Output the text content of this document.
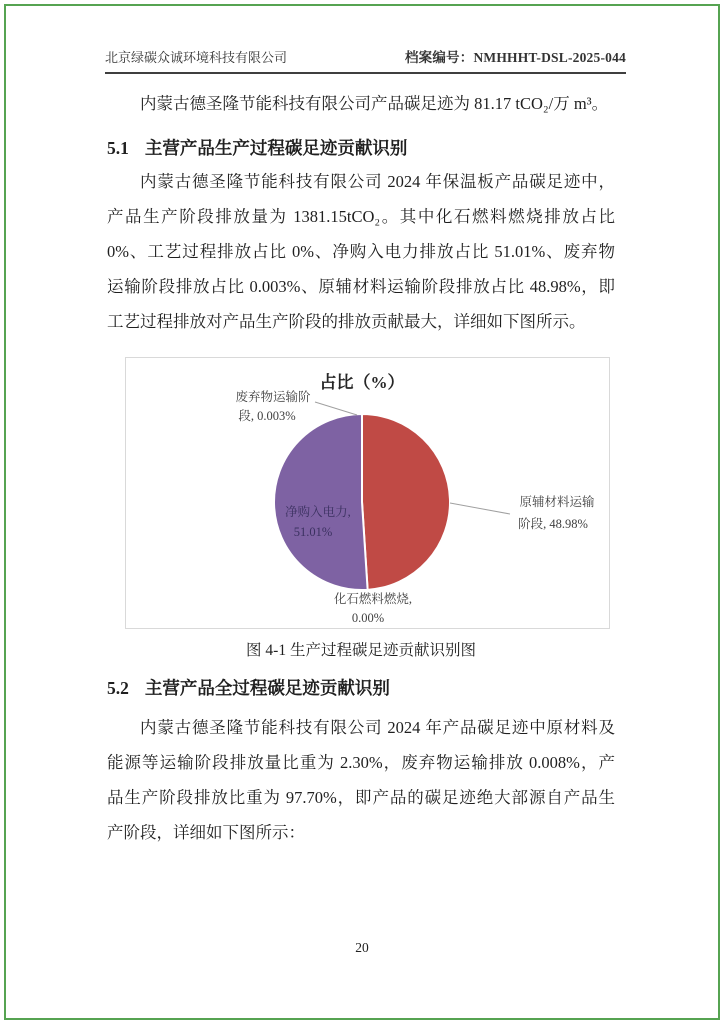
北京绿碳众诚环境科技有限公司	档案编号：NMHHHT-DSL-2025-044

内蒙古德圣隆节能科技有限公司产品碳足迹为 81.17 tCO₂/万 m³。

5.1 主营产品生产过程碳足迹贡献识别
内蒙古德圣隆节能科技有限公司 2024 年保温板产品碳足迹中，
产品生产阶段排放量为 1381.15tCO₂。其中化石燃料燃烧排放占比
0%、工艺过程排放占比 0%、净购入电力排放占比 51.01%、废弃物
运输阶段排放占比 0.003%、原辅材料运输阶段排放占比 48.98%，即
工艺过程排放对产品生产阶段的排放贡献最大，详细如下图所示。
占比（%）
废弃物运输阶
段, 0.003%
原辅材料运输
阶段, 48.98%
净购入电力,
51.01%
化石燃料燃烧,
0.00%

图 4-1 生产过程碳足迹贡献识别图

5.2 主营产品全过程碳足迹贡献识别
内蒙古德圣隆节能科技有限公司 2024 年产品碳足迹中原材料及
能源等运输阶段排放量比重为 2.30%，废弃物运输排放 0.008%，产
品生产阶段排放比重为 97.70%，即产品的碳足迹绝大部源自产品生
产阶段，详细如下图所示：

20
